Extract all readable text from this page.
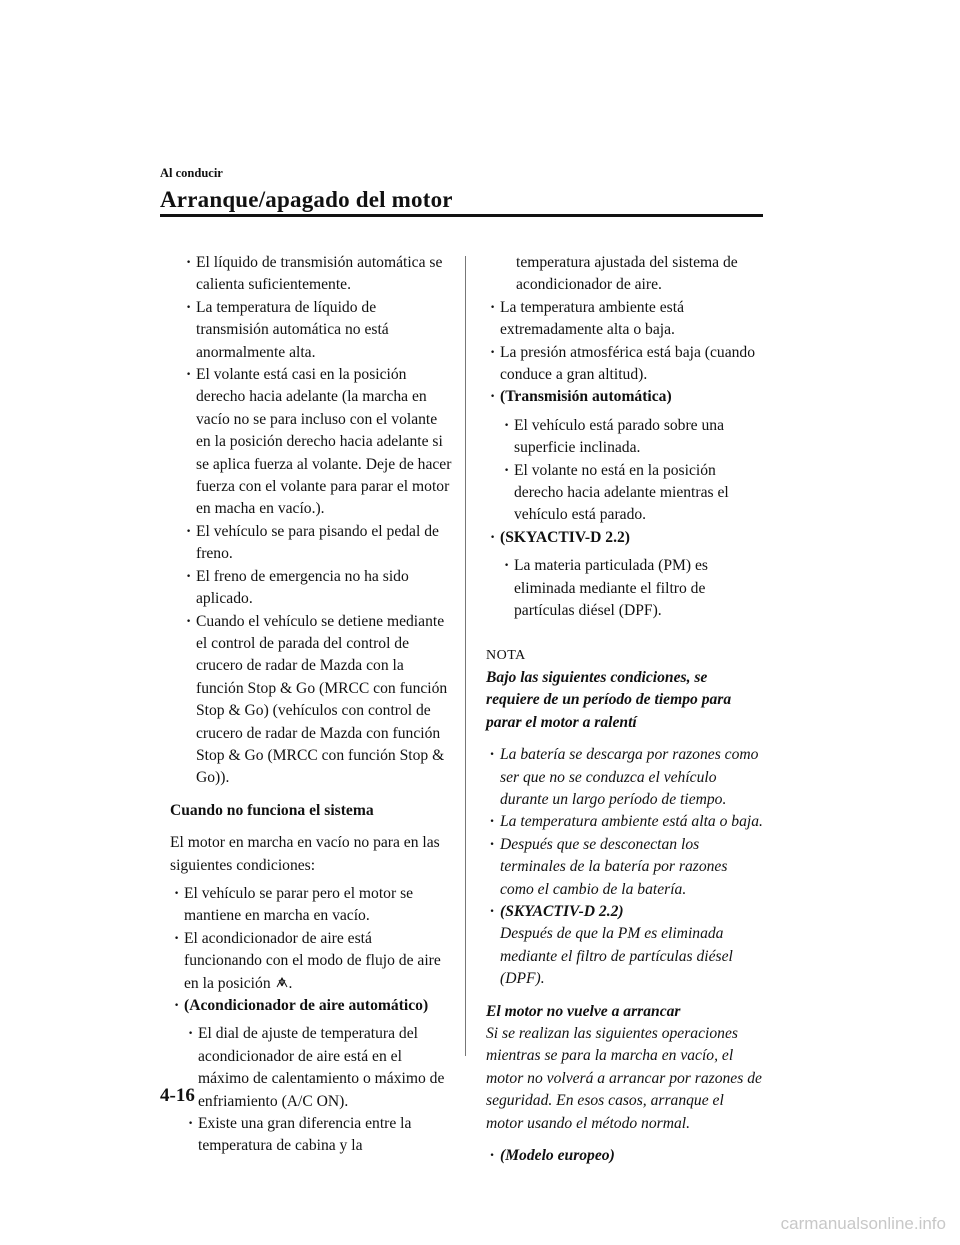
Al conducir
Arranque/apagado del motor
· El líquido de transmisión automática se calienta suficientemente.
· La temperatura de líquido de transmisión automática no está anormalmente alta.
· El volante está casi en la posición derecho hacia adelante (la marcha en vacío no se para incluso con el volante en la posición derecho hacia adelante si se aplica fuerza al volante. Deje de hacer fuerza con el volante para parar el motor en macha en vacío.).
· El vehículo se para pisando el pedal de freno.
· El freno de emergencia no ha sido aplicado.
· Cuando el vehículo se detiene mediante el control de parada del control de crucero de radar de Mazda con la función Stop & Go (MRCC con función Stop & Go) (vehículos con control de crucero de radar de Mazda con función Stop & Go (MRCC con función Stop & Go)).
Cuando no funciona el sistema
El motor en marcha en vacío no para en las siguientes condiciones:
· El vehículo se parar pero el motor se mantiene en marcha en vacío.
· El acondicionador de aire está funcionando con el modo de flujo de aire en la posición .
· (Acondicionador de aire automático)
· El dial de ajuste de temperatura del acondicionador de aire está en el máximo de calentamiento o máximo de enfriamiento (A/C ON).
· Existe una gran diferencia entre la temperatura de cabina y la
temperatura ajustada del sistema de acondicionador de aire.
· La temperatura ambiente está extremadamente alta o baja.
· La presión atmosférica está baja (cuando conduce a gran altitud).
· (Transmisión automática)
· El vehículo está parado sobre una superficie inclinada.
· El volante no está en la posición derecho hacia adelante mientras el vehículo está parado.
· (SKYACTIV-D 2.2)
· La materia particulada (PM) es eliminada mediante el filtro de partículas diésel (DPF).
NOTA
Bajo las siguientes condiciones, se requiere de un período de tiempo para parar el motor a ralentí
· La batería se descarga por razones como ser que no se conduzca el vehículo durante un largo período de tiempo.
· La temperatura ambiente está alta o baja.
· Después que se desconectan los terminales de la batería por razones como el cambio de la batería.
· (SKYACTIV-D 2.2)
Después de que la PM es eliminada mediante el filtro de partículas diésel (DPF).
El motor no vuelve a arrancar
Si se realizan las siguientes operaciones mientras se para la marcha en vacío, el motor no volverá a arrancar por razones de seguridad. En esos casos, arranque el motor usando el método normal.
· (Modelo europeo)
4-16
carmanualsonline.info
